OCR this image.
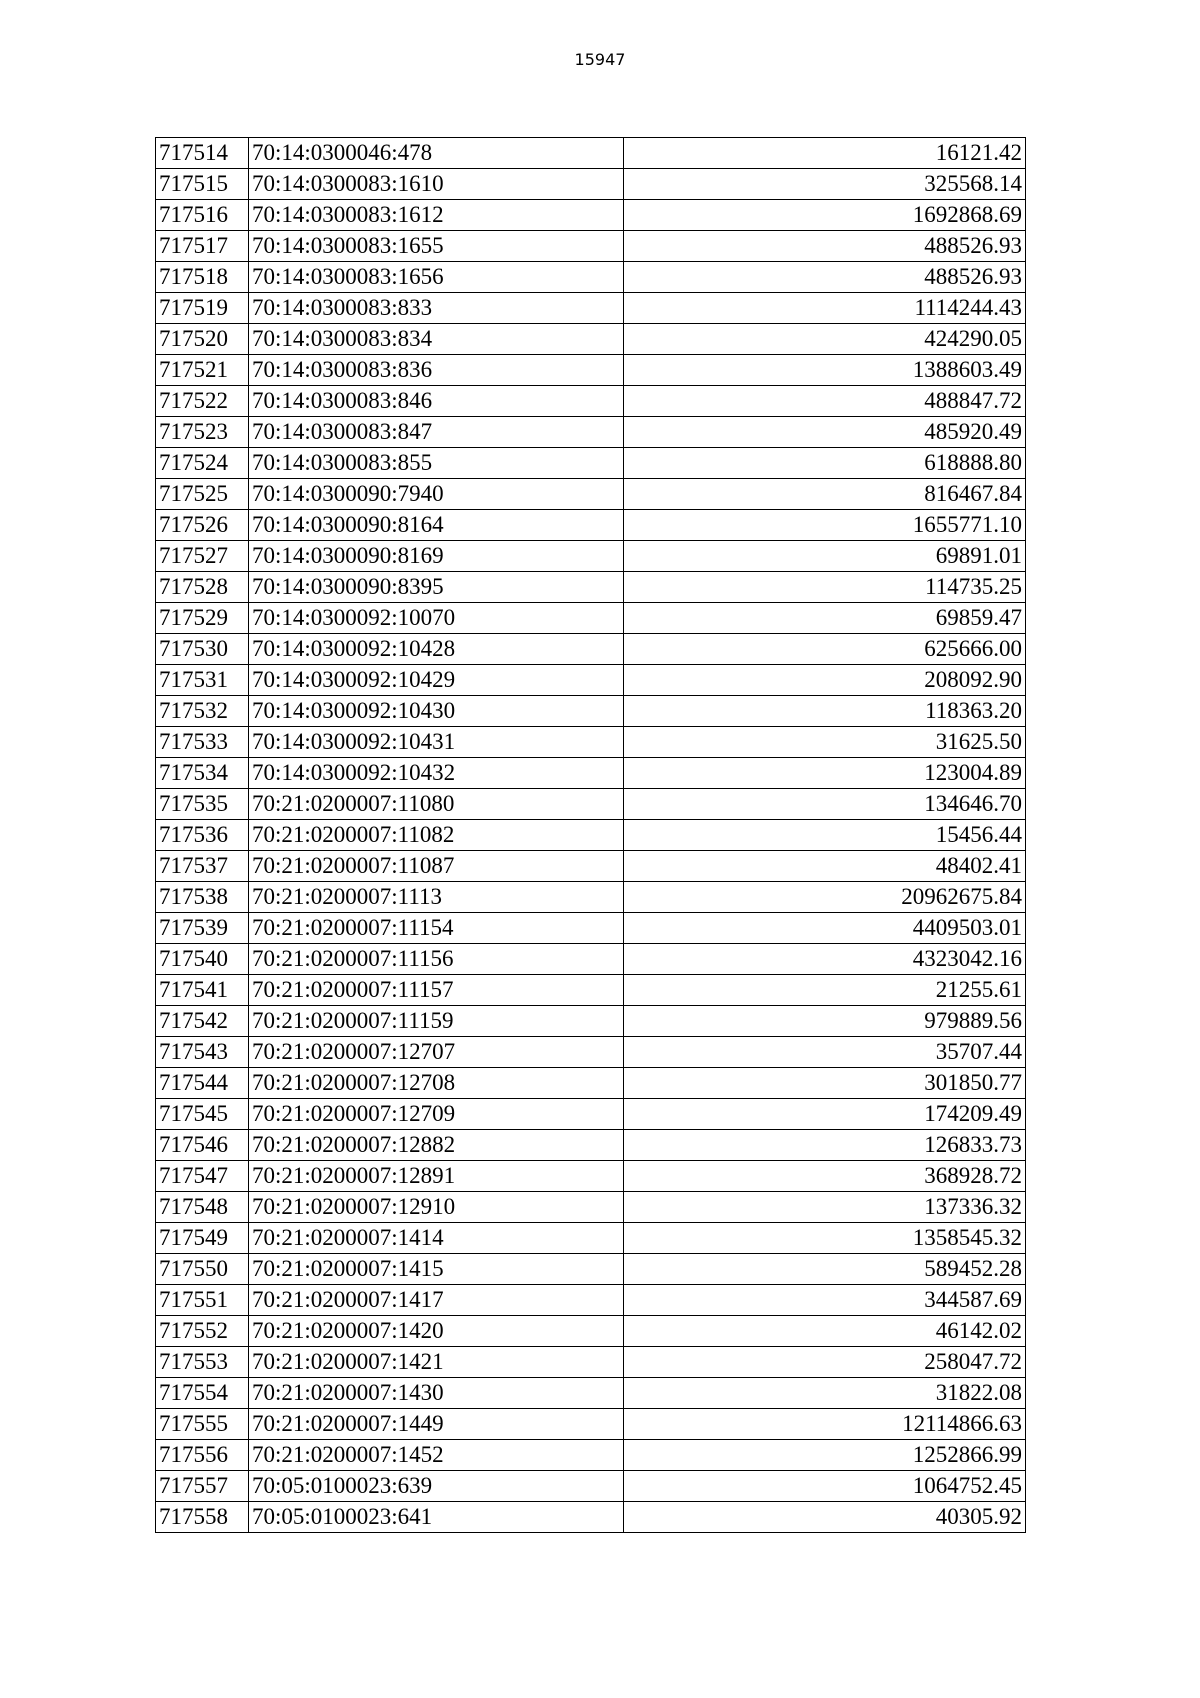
15947
717514	70:14:0300046:478	16121.42
717515	70:14:0300083:1610	325568.14
717516	70:14:0300083:1612	1692868.69
717517	70:14:0300083:1655	488526.93
717518	70:14:0300083:1656	488526.93
717519	70:14:0300083:833	1114244.43
717520	70:14:0300083:834	424290.05
717521	70:14:0300083:836	1388603.49
717522	70:14:0300083:846	488847.72
717523	70:14:0300083:847	485920.49
717524	70:14:0300083:855	618888.80
717525	70:14:0300090:7940	816467.84
717526	70:14:0300090:8164	1655771.10
717527	70:14:0300090:8169	69891.01
717528	70:14:0300090:8395	114735.25
717529	70:14:0300092:10070	69859.47
717530	70:14:0300092:10428	625666.00
717531	70:14:0300092:10429	208092.90
717532	70:14:0300092:10430	118363.20
717533	70:14:0300092:10431	31625.50
717534	70:14:0300092:10432	123004.89
717535	70:21:0200007:11080	134646.70
717536	70:21:0200007:11082	15456.44
717537	70:21:0200007:11087	48402.41
717538	70:21:0200007:1113	20962675.84
717539	70:21:0200007:11154	4409503.01
717540	70:21:0200007:11156	4323042.16
717541	70:21:0200007:11157	21255.61
717542	70:21:0200007:11159	979889.56
717543	70:21:0200007:12707	35707.44
717544	70:21:0200007:12708	301850.77
717545	70:21:0200007:12709	174209.49
717546	70:21:0200007:12882	126833.73
717547	70:21:0200007:12891	368928.72
717548	70:21:0200007:12910	137336.32
717549	70:21:0200007:1414	1358545.32
717550	70:21:0200007:1415	589452.28
717551	70:21:0200007:1417	344587.69
717552	70:21:0200007:1420	46142.02
717553	70:21:0200007:1421	258047.72
717554	70:21:0200007:1430	31822.08
717555	70:21:0200007:1449	12114866.63
717556	70:21:0200007:1452	1252866.99
717557	70:05:0100023:639	1064752.45
717558	70:05:0100023:641	40305.92
